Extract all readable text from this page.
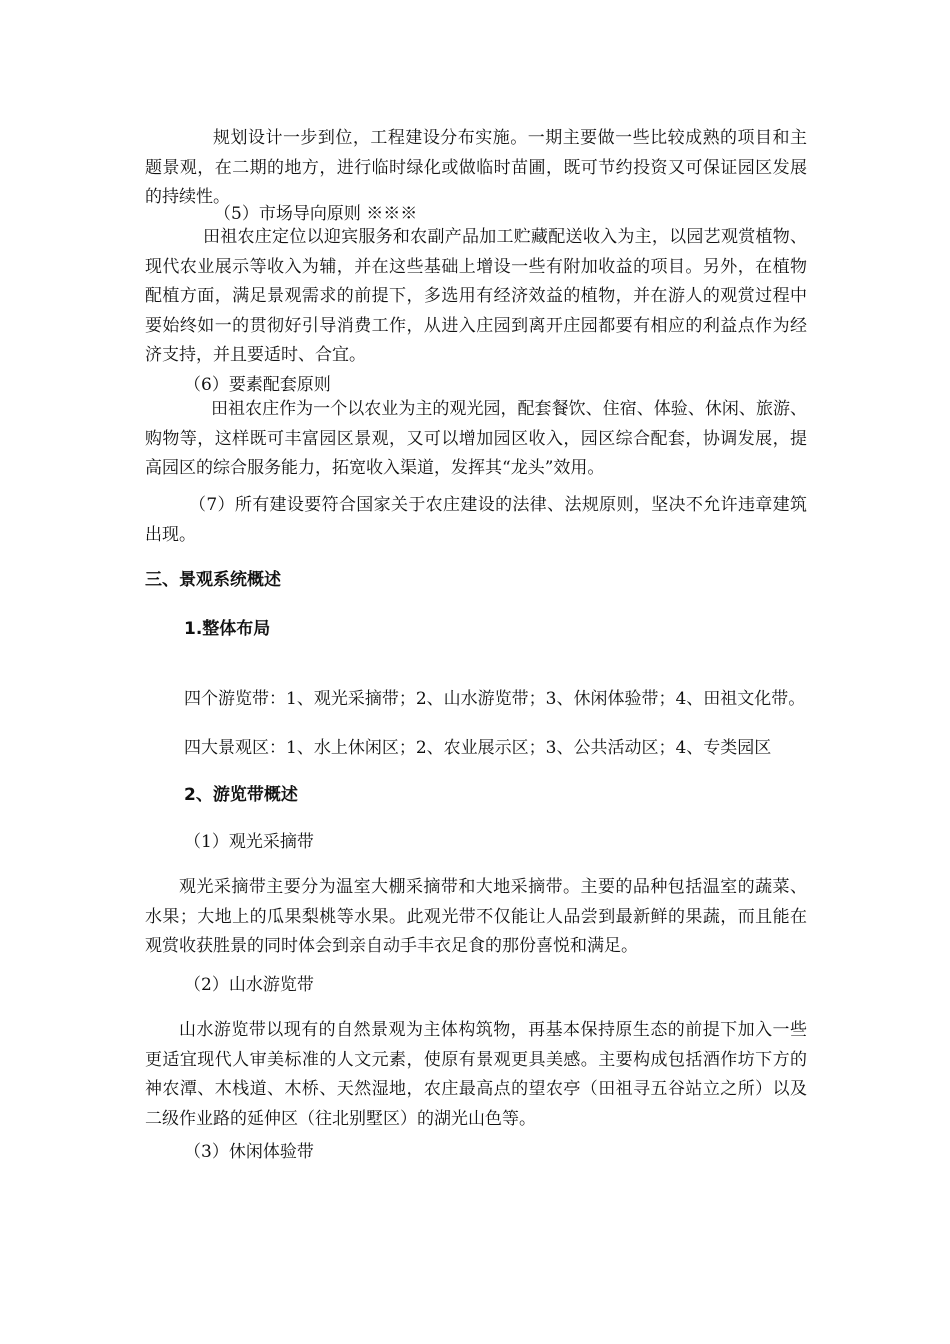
规划设计一步到位，工程建设分布实施。一期主要做一些比较成熟的项目和主题景观，在二期的地方，进行临时绿化或做临时苗圃，既可节约投资又可保证园区发展的持续性。

（5）市场导向原则 ※※※

田祖农庄定位以迎宾服务和农副产品加工贮藏配送收入为主，以园艺观赏植物、现代农业展示等收入为辅，并在这些基础上增设一些有附加收益的项目。另外，在植物配植方面，满足景观需求的前提下，多选用有经济效益的植物，并在游人的观赏过程中要始终如一的贯彻好引导消费工作，从进入庄园到离开庄园都要有相应的利益点作为经济支持，并且要适时、合宜。

（6）要素配套原则

田祖农庄作为一个以农业为主的观光园，配套餐饮、住宿、体验、休闲、旅游、购物等，这样既可丰富园区景观，又可以增加园区收入，园区综合配套，协调发展，提高园区的综合服务能力，拓宽收入渠道，发挥其“龙头”效用。

（7）所有建设要符合国家关于农庄建设的法律、法规原则，坚决不允许违章建筑出现。

三、景观系统概述

1.整体布局

四个游览带：1、观光采摘带；2、山水游览带；3、休闲体验带；4、田祖文化带。

四大景观区：1、水上休闲区；2、农业展示区；3、公共活动区；4、专类园区

2、游览带概述

（1）观光采摘带

观光采摘带主要分为温室大棚采摘带和大地采摘带。主要的品种包括温室的蔬菜、水果；大地上的瓜果梨桃等水果。此观光带不仅能让人品尝到最新鲜的果蔬，而且能在观赏收获胜景的同时体会到亲自动手丰衣足食的那份喜悦和满足。

（2）山水游览带

山水游览带以现有的自然景观为主体构筑物，再基本保持原生态的前提下加入一些更适宜现代人审美标准的人文元素，使原有景观更具美感。主要构成包括酒作坊下方的神农潭、木栈道、木桥、天然湿地，农庄最高点的望农亭（田祖寻五谷站立之所）以及二级作业路的延伸区（往北别墅区）的湖光山色等。

（3）休闲体验带
